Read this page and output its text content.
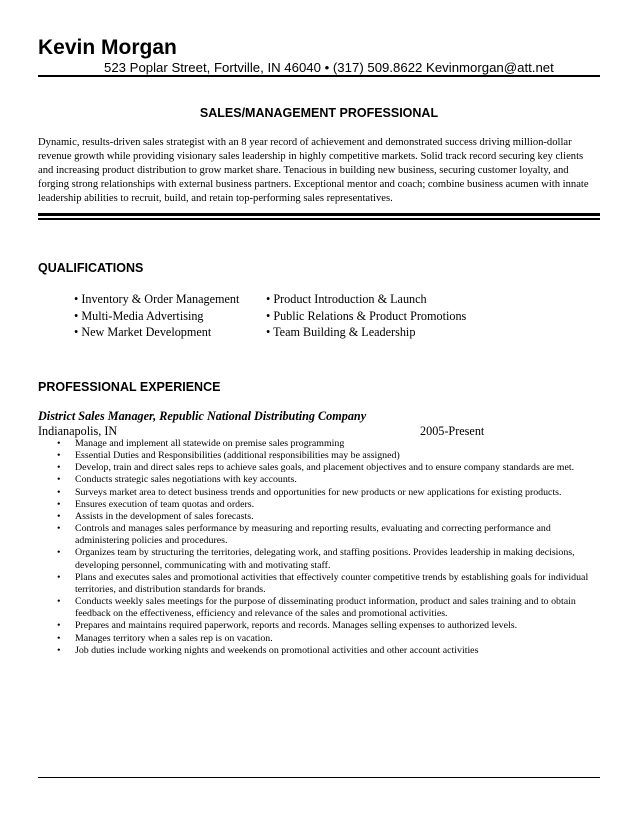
Kevin Morgan
523 Poplar Street, Fortville, IN 46040 • (317) 509.8622 Kevinmorgan@att.net
SALES/MANAGEMENT PROFESSIONAL
Dynamic, results-driven sales strategist with an 8 year record of achievement and demonstrated success driving million-dollar revenue growth while providing visionary sales leadership in highly competitive markets. Solid track record securing key clients and increasing product distribution to grow market share. Tenacious in building new business, securing customer loyalty, and forging strong relationships with external business partners. Exceptional mentor and coach; combine business acumen with innate leadership abilities to recruit, build, and retain top-performing sales representatives.
QUALIFICATIONS
• Inventory & Order Management
• Multi-Media Advertising
• New Market Development
• Product Introduction & Launch
• Public Relations & Product Promotions
• Team Building & Leadership
PROFESSIONAL EXPERIENCE
District Sales Manager, Republic National Distributing Company
Indianapolis, IN	2005-Present
• Manage and implement all statewide on premise sales programming
• Essential Duties and Responsibilities (additional responsibilities may be assigned)
• Develop, train and direct sales reps to achieve sales goals, and placement objectives and to ensure company standards are met.
• Conducts strategic sales negotiations with key accounts.
• Surveys market area to detect business trends and opportunities for new products or new applications for existing products.
• Ensures execution of team quotas and orders.
• Assists in the development of sales forecasts.
• Controls and manages sales performance by measuring and reporting results, evaluating and correcting performance and administering policies and procedures.
• Organizes team by structuring the territories, delegating work, and staffing positions. Provides leadership in making decisions, developing personnel, communicating with and motivating staff.
• Plans and executes sales and promotional activities that effectively counter competitive trends by establishing goals for individual territories, and distribution standards for brands.
• Conducts weekly sales meetings for the purpose of disseminating product information, product and sales training and to obtain feedback on the effectiveness, efficiency and relevance of the sales and promotional activities.
• Prepares and maintains required paperwork, reports and records. Manages selling expenses to authorized levels.
• Manages territory when a sales rep is on vacation.
• Job duties include working nights and weekends on promotional activities and other account activities
